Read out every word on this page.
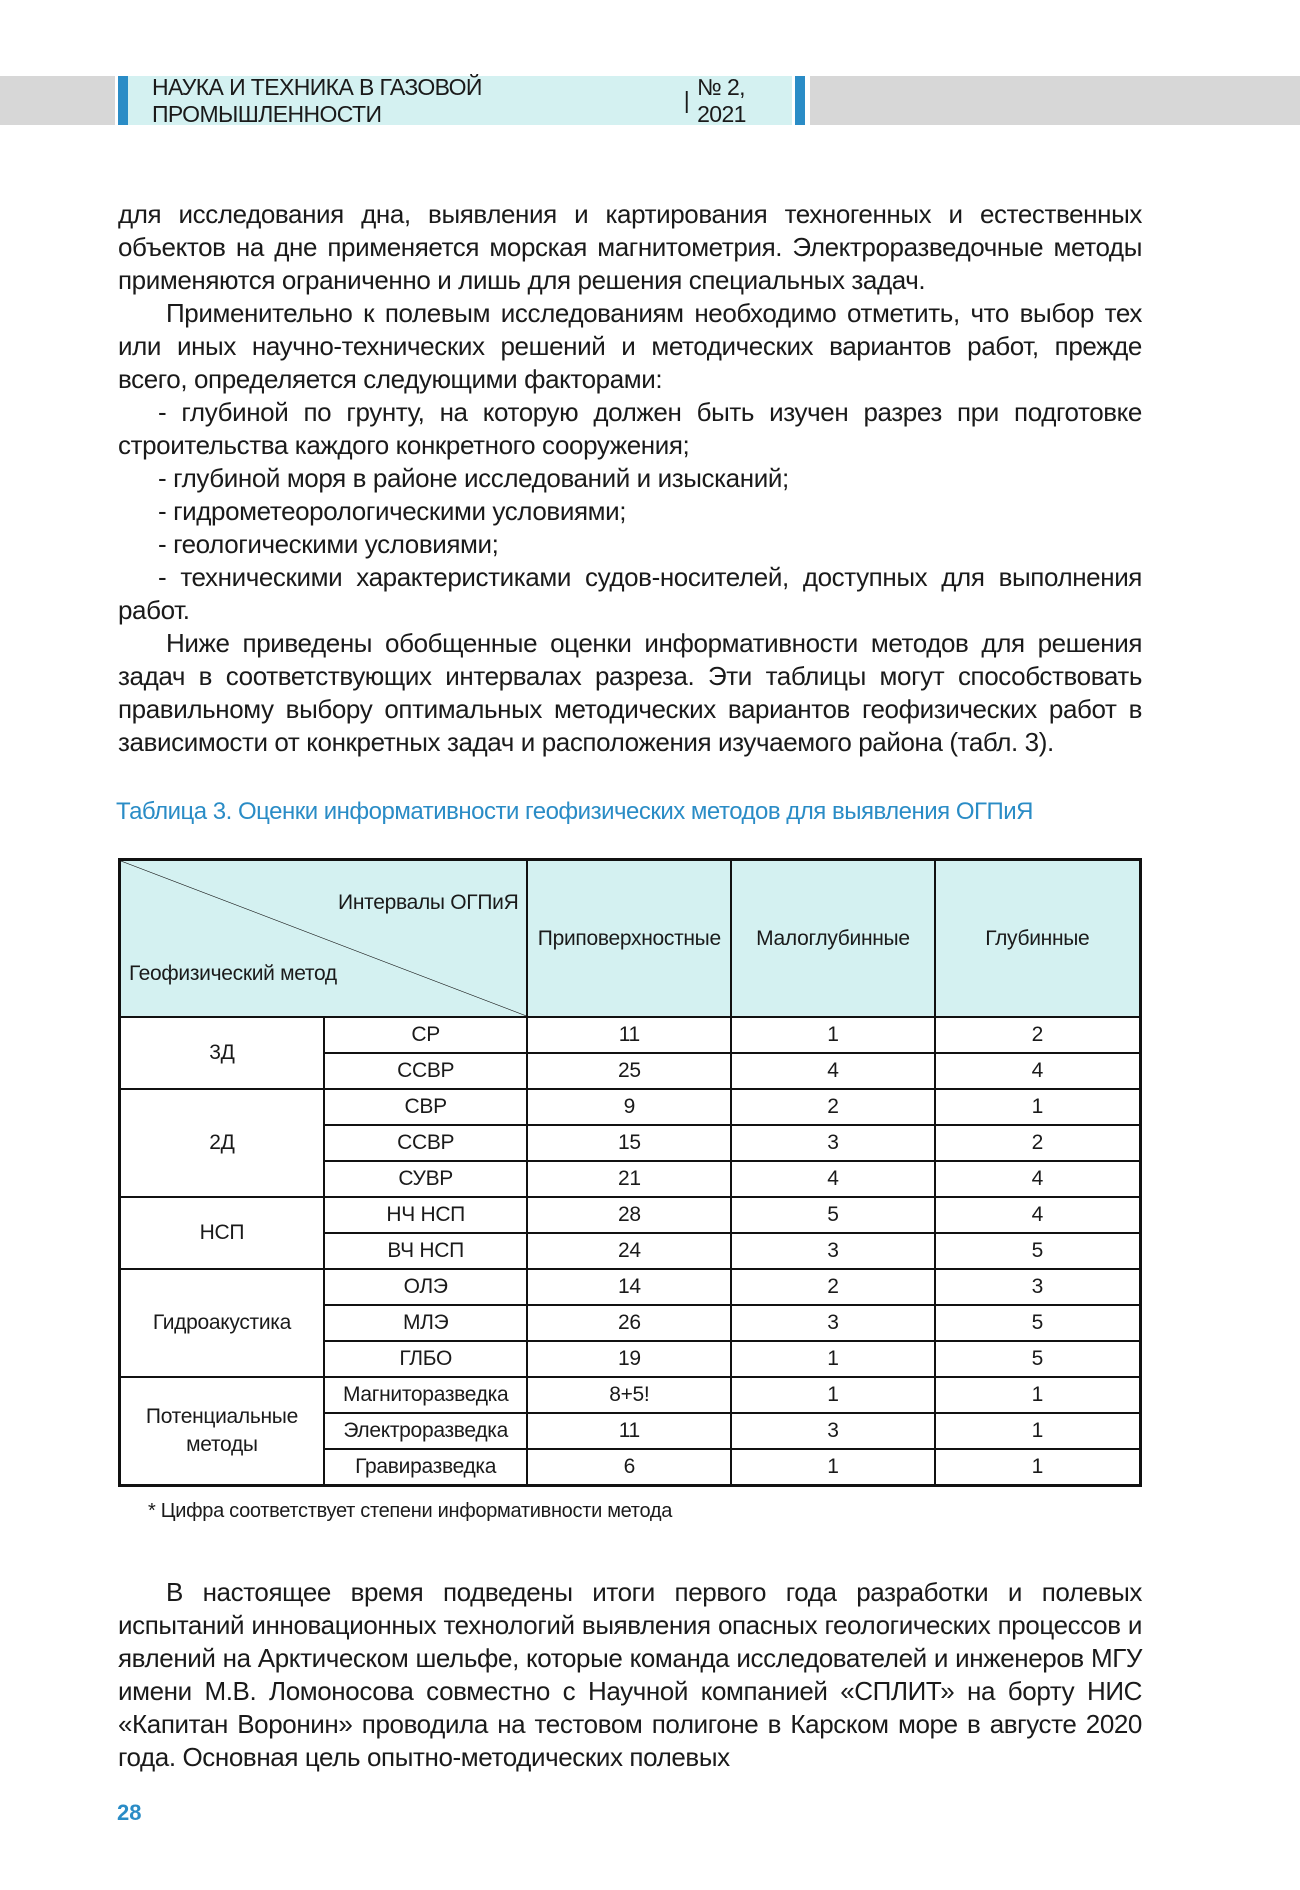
НАУКА И ТЕХНИКА В ГАЗОВОЙ ПРОМЫШЛЕННОСТИ
|
№ 2, 2021

для исследования дна, выявления и картирования техногенных и естественных объектов на дне применяется морская магнитометрия. Электроразведочные методы применяются ограниченно и лишь для решения специальных задач.

Применительно к полевым исследованиям необходимо отметить, что выбор тех или иных научно-технических решений и методических вариантов работ, прежде всего, определяется следующими факторами:

- глубиной по грунту, на которую должен быть изучен разрез при подготовке строительства каждого конкретного сооружения;

- глубиной моря в районе исследований и изысканий;

- гидрометеорологическими условиями;

- геологическими условиями;

- техническими характеристиками судов-носителей, доступных для выполнения работ.

Ниже приведены обобщенные оценки информативности методов для решения задач в соответствующих интервалах разреза. Эти таблицы могут способствовать правильному выбору оптимальных методических вариантов геофизических работ в зависимости от конкретных задач и расположения изучаемого района (табл. 3).

Таблица 3. Оценки информативности геофизических методов для выявления ОГПиЯ
Интервалы ОГПиЯ
Геофизический метод		Приповерхностные	Малоглубинные	Глубинные
3Д	СР	11	1	2
	ССВР	25	4	4
2Д	СВР	9	2	1
	ССВР	15	3	2
	СУВР	21	4	4
НСП	НЧ НСП	28	5	4
	ВЧ НСП	24	3	5
Гидроакустика	ОЛЭ	14	2	3
	МЛЭ	26	3	5
	ГЛБО	19	1	5
Потенциальные методы	Магниторазведка	8+5!	1	1
	Электроразведка	11	3	1
	Гравиразведка	6	1	1
* Цифра соответствует степени информативности метода

В настоящее время подведены итоги первого года разработки и полевых испытаний инновационных технологий выявления опасных геологических процессов и явлений на Арктическом шельфе, которые команда исследователей и инженеров МГУ имени М.В. Ломоносова совместно с Научной компанией «СПЛИТ» на борту НИС «Капитан Воронин» проводила на тестовом полигоне в Карском море в августе 2020 года. Основная цель опытно-методических полевых

28
